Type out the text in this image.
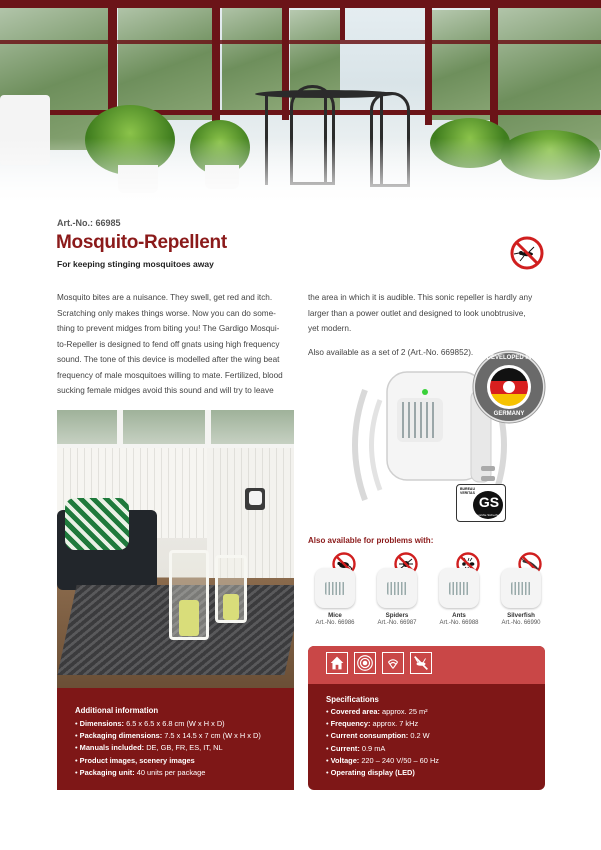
Art.-No.: 66985
Mosquito-Repellent
For keeping stinging mosquitoes away
Mosquito bites are a nuisance. They swell, get red and itch.
Scratching only makes things worse. Now you can do some-
thing to prevent midges from biting you! The Gardigo Mosqui-
to-Repeller is designed to fend off gnats using high frequency
sound. The tone of this device is modelled after the wing beat
frequency of male mosquitoes willing to mate. Fertilized, blood
sucking female midges avoid this sound and will try to leave
the area in which it is audible. This sonic repeller is hardly any
larger than a power outlet and designed to look unobtrusive,
yet modern.
Also available as a set of 2 (Art.-No. 669852).
DEVELOPED IN
GERMANY
BUREAU VERITAS
GS
geprüfte Sicherheit
Also available for problems with:
Mice
Art.-No. 66986
Spiders
Art.-No. 66987
Ants
Art.-No. 66988
Silverfish
Art.-No. 66990
Additional information
• Dimensions: 6.5 x 6.5 x 6.8 cm (W x H x D)
• Packaging dimensions: 7.5 x 14.5 x 7 cm (W x H x D)
• Manuals included: DE, GB, FR, ES, IT, NL
• Product images, scenery images
• Packaging unit: 40 units per package
Specifications
• Covered area: approx. 25 m²
• Frequency: approx. 7 kHz
• Current consumption: 0.2 W
• Current: 0.9 mA
• Voltage: 220 – 240 V/50 – 60 Hz
• Operating display (LED)
